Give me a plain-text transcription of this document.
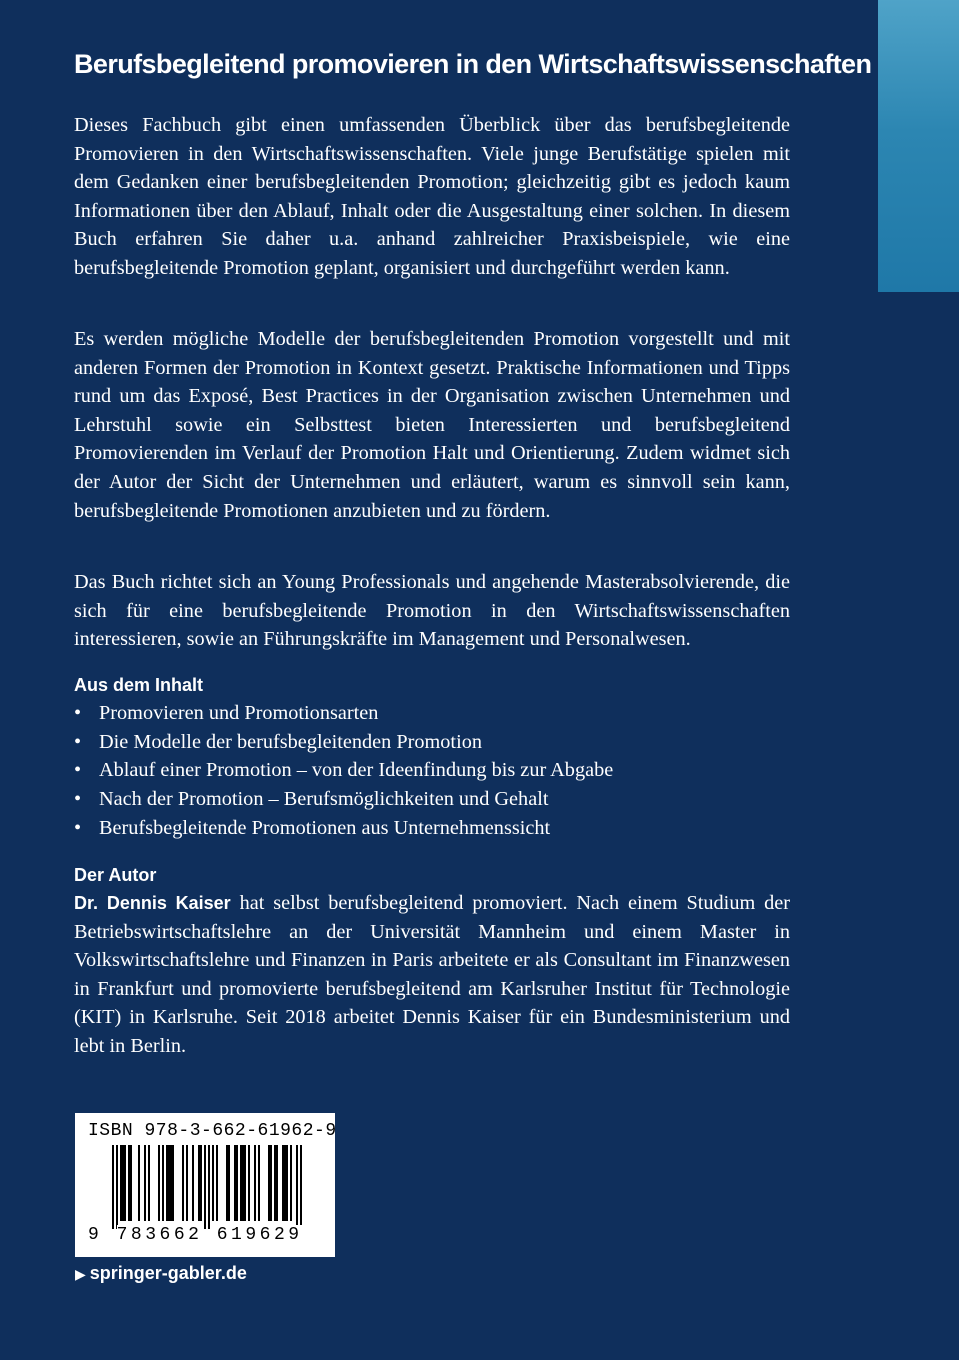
Berufsbegleitend promovieren in den Wirtschaftswissenschaften

Dieses Fachbuch gibt einen umfassenden Überblick über das berufsbegleitende Promovieren in den Wirtschaftswissenschaften. Viele junge Berufstätige spielen mit dem Gedanken einer berufsbegleitenden Promotion; gleichzeitig gibt es jedoch kaum Informationen über den Ablauf, Inhalt oder die Ausgestaltung einer solchen. In diesem Buch erfahren Sie daher u.a. anhand zahlreicher Praxisbeispiele, wie eine berufsbegleitende Promotion geplant, organisiert und durchgeführt werden kann.

Es werden mögliche Modelle der berufsbegleitenden Promotion vorgestellt und mit anderen Formen der Promotion in Kontext gesetzt. Praktische Informationen und Tipps rund um das Exposé, Best Practices in der Organisation zwischen Unternehmen und Lehrstuhl sowie ein Selbsttest bieten Interessierten und berufsbegleitend Promovierenden im Verlauf der Promotion Halt und Orientierung. Zudem widmet sich der Autor der Sicht der Unternehmen und erläutert, warum es sinnvoll sein kann, berufsbegleitende Promotionen anzubieten und zu fördern.

Das Buch richtet sich an Young Professionals und angehende Masterabsolvierende, die sich für eine berufsbegleitende Promotion in den Wirtschaftswissenschaften interessieren, sowie an Führungskräfte im Management und Personalwesen.

Aus dem Inhalt
• Promovieren und Promotionsarten
• Die Modelle der berufsbegleitenden Promotion
• Ablauf einer Promotion – von der Ideenfindung bis zur Abgabe
• Nach der Promotion – Berufsmöglichkeiten und Gehalt
• Berufsbegleitende Promotionen aus Unternehmenssicht
Der Autor

Dr. Dennis Kaiser hat selbst berufsbegleitend promoviert. Nach einem Studium der Betriebswirtschaftslehre an der Universität Mannheim und einem Master in Volkswirtschaftslehre und Finanzen in Paris arbeitete er als Consultant im Finanzwesen in Frankfurt und promovierte berufsbegleitend am Karlsruher Institut für Technologie (KIT) in Karlsruhe. Seit 2018 arbeitet Dennis Kaiser für ein Bundesministerium und lebt in Berlin.

ISBN 978-3-662-61962-9
9 783662 619629
▶ springer-gabler.de
